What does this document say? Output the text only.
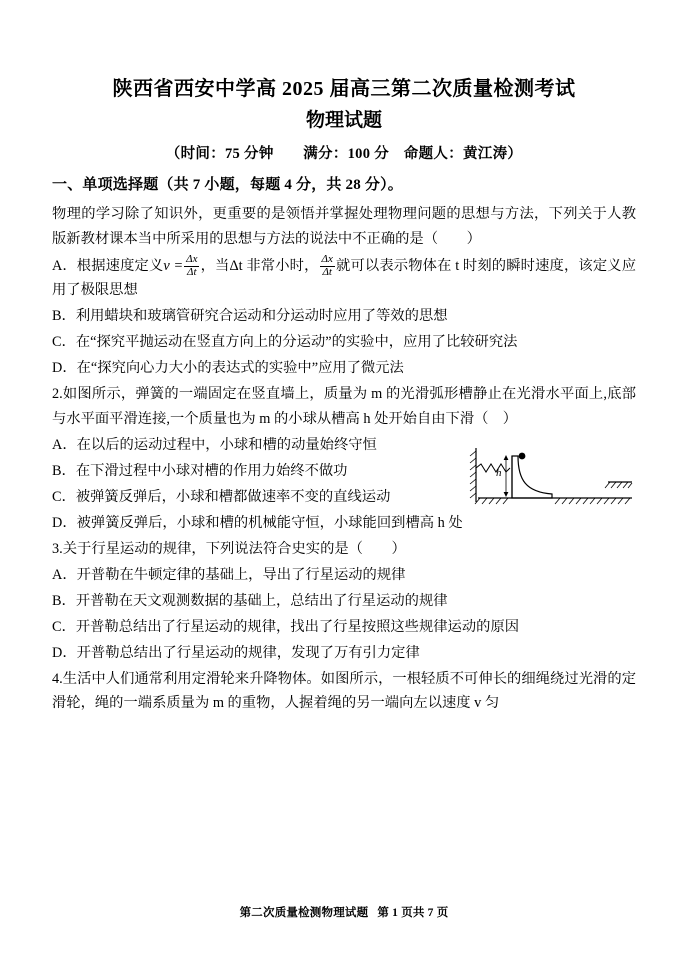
陕西省西安中学高 2025 届高三第二次质量检测考试
物理试题
（时间：75 分钟　　满分：100 分　命题人：黄江涛）
一、单项选择题（共 7 小题，每题 4 分，共 28 分）。

物理的学习除了知识外，更重要的是领悟并掌握处理物理问题的思想与方法，下列关于人教版新教材课本当中所采用的思想与方法的说法中不正确的是（　　）

A．根据速度定义$v = \frac{\Delta x}{\Delta t}$ ，当Δt 非常小时， $\frac{\Delta x}{\Delta t}$ 就可以表示物体在 t 时刻的瞬时速度，该定义应用了极限思想

B．利用蜡块和玻璃管研究合运动和分运动时应用了等效的思想

C．在“探究平抛运动在竖直方向上的分运动”的实验中，应用了比较研究法

D．在“探究向心力大小的表达式的实验中”应用了微元法

2.如图所示，弹簧的一端固定在竖直墙上，质量为 m 的光滑弧形槽静止在光滑水平面上,底部与水平面平滑连接,一个质量也为 m 的小球从槽高 h 处开始自由下滑（　）

A．在以后的运动过程中，小球和槽的动量始终守恒

B．在下滑过程中小球对槽的作用力始终不做功

C．被弹簧反弹后，小球和槽都做速率不变的直线运动

D．被弹簧反弹后，小球和槽的机械能守恒，小球能回到槽高 h 处

h

3.关于行星运动的规律，下列说法符合史实的是（　　）

A．开普勒在牛顿定律的基础上，导出了行星运动的规律

B．开普勒在天文观测数据的基础上，总结出了行星运动的规律

C．开普勒总结出了行星运动的规律，找出了行星按照这些规律运动的原因

D．开普勒总结出了行星运动的规律，发现了万有引力定律

4.生活中人们通常利用定滑轮来升降物体。如图所示，一根轻质不可伸长的细绳绕过光滑的定滑轮，绳的一端系质量为 m 的重物，人握着绳的另一端向左以速度 v 匀

第二次质量检测物理试题 第 1 页共 7 页
